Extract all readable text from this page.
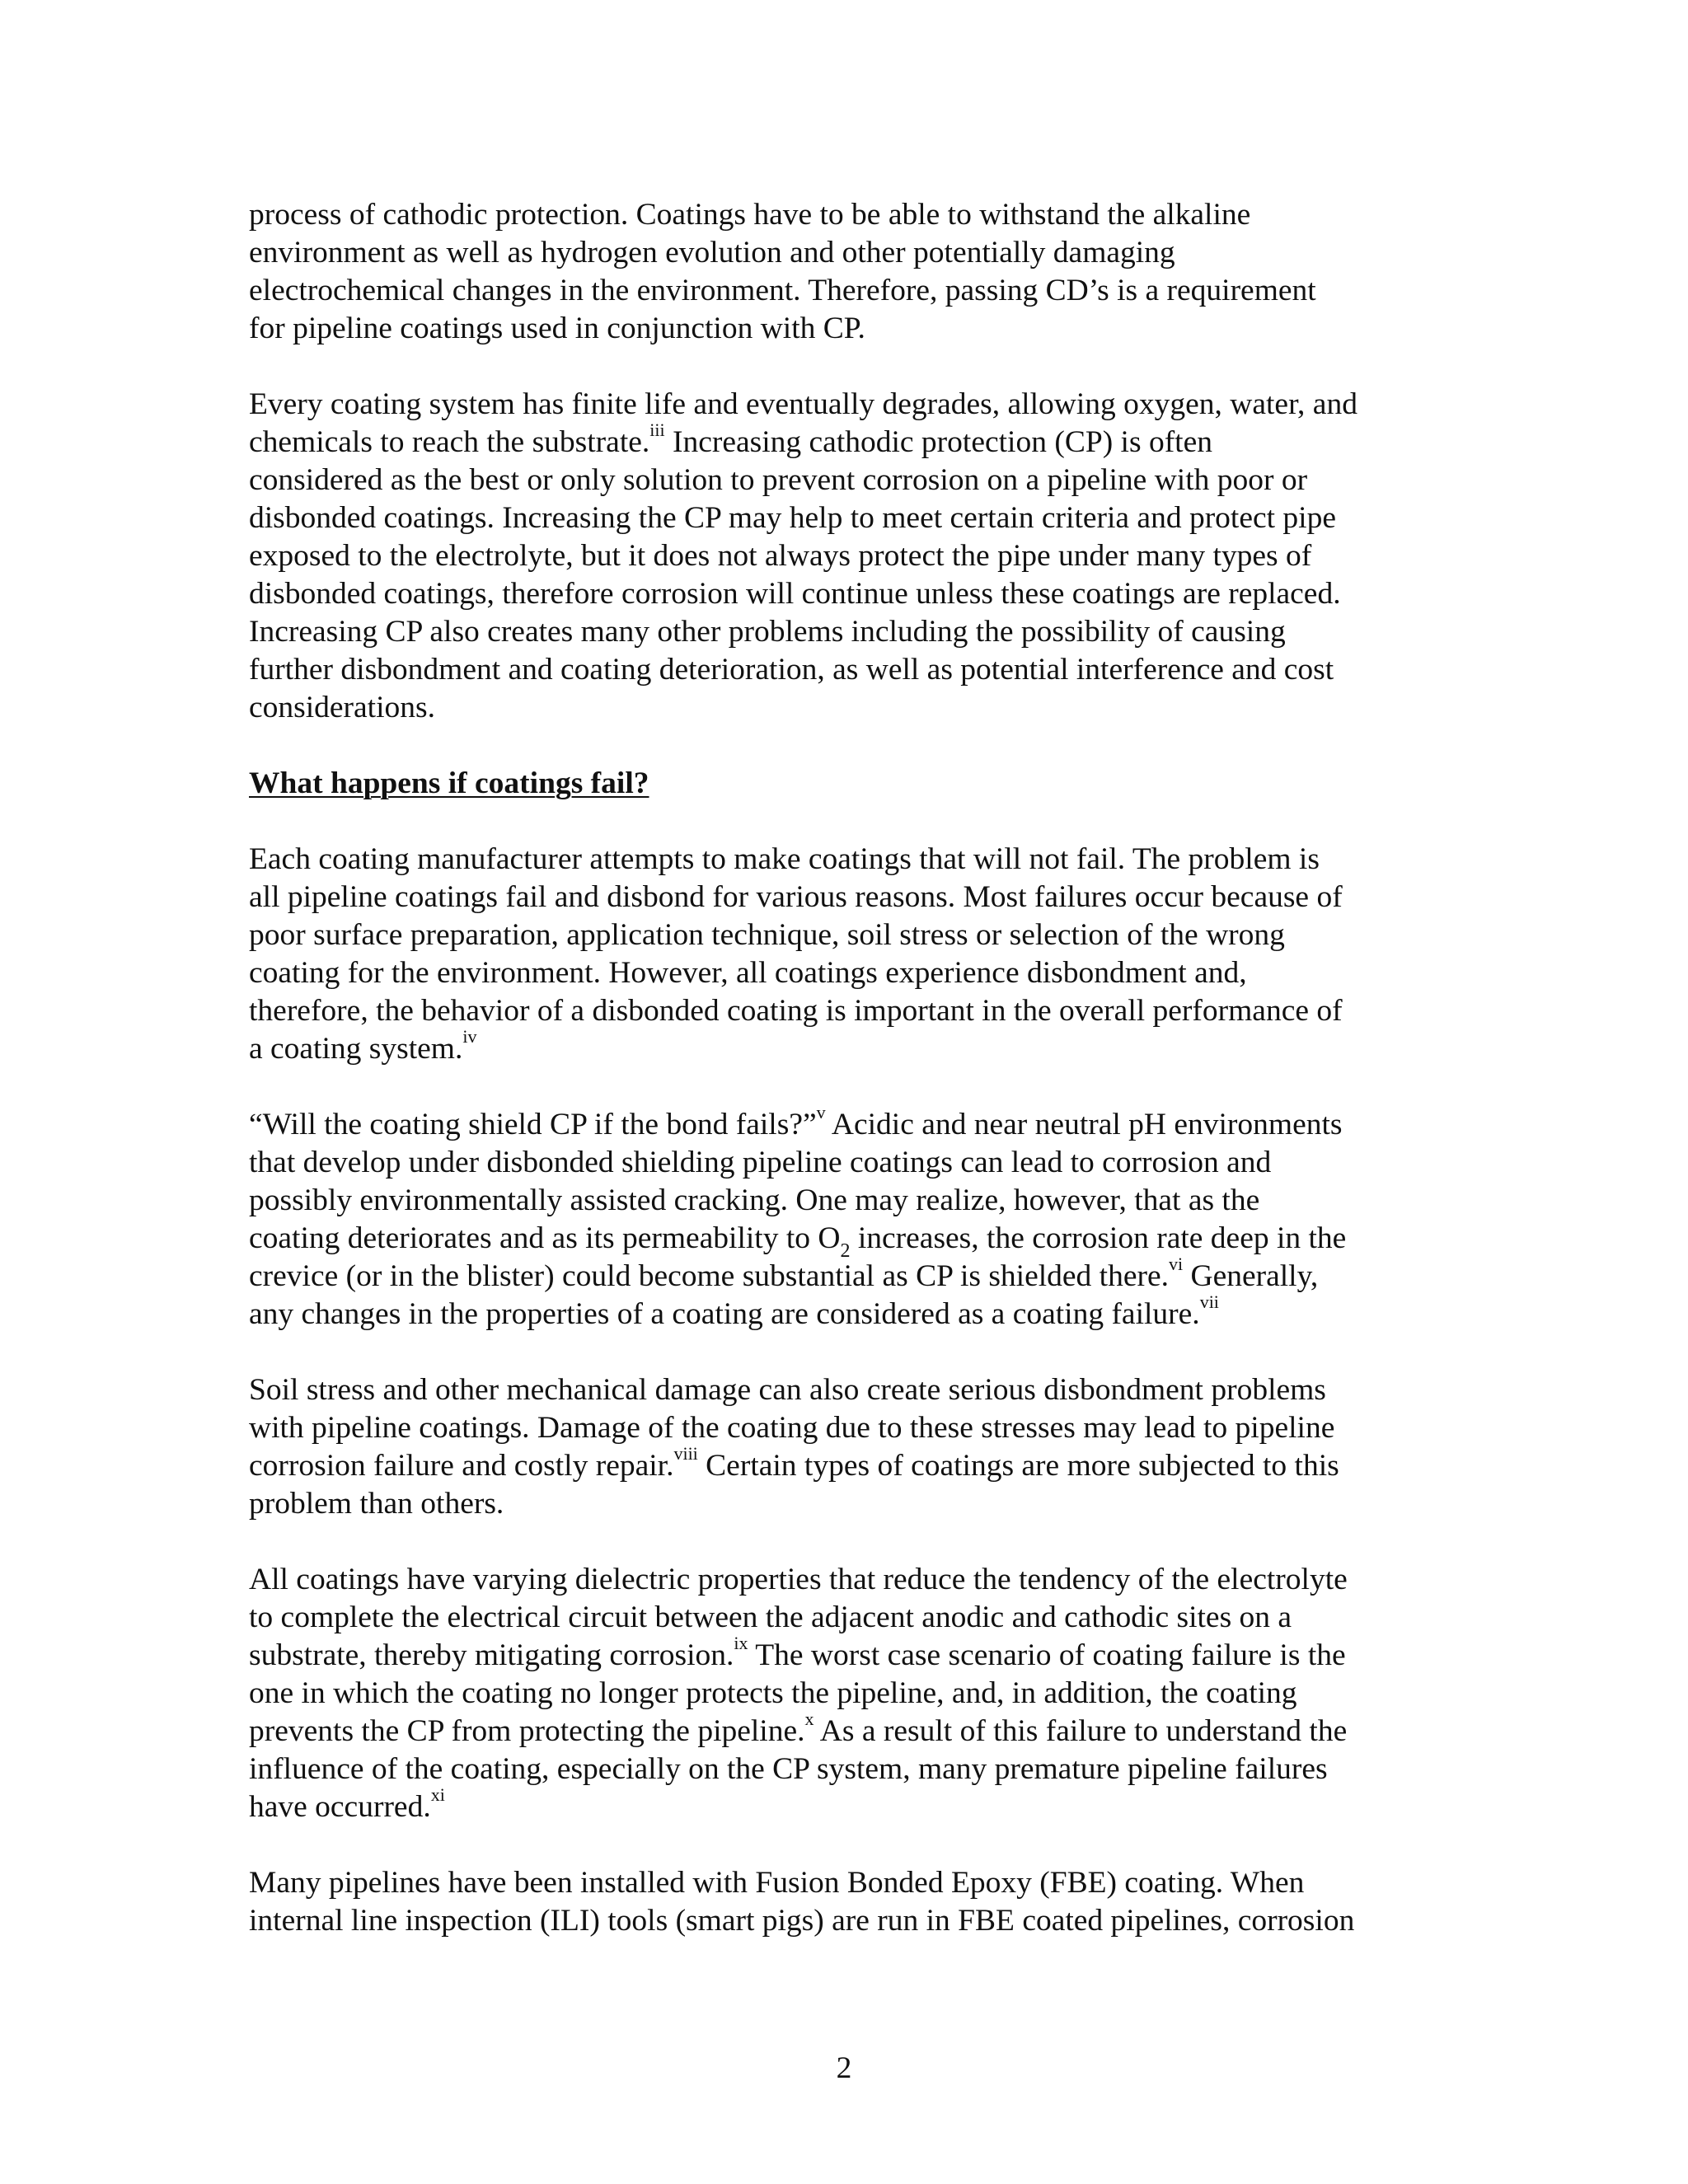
process of cathodic protection. Coatings have to be able to withstand the alkaline
environment as well as hydrogen evolution and other potentially damaging
electrochemical changes in the environment. Therefore, passing CD’s is a requirement
for pipeline coatings used in conjunction with CP.
Every coating system has finite life and eventually degrades, allowing oxygen, water, and
chemicals to reach the substrate.$^{iii}$ Increasing cathodic protection (CP) is often
considered as the best or only solution to prevent corrosion on a pipeline with poor or
disbonded coatings. Increasing the CP may help to meet certain criteria and protect pipe
exposed to the electrolyte, but it does not always protect the pipe under many types of
disbonded coatings, therefore corrosion will continue unless these coatings are replaced.
Increasing CP also creates many other problems including the possibility of causing
further disbondment and coating deterioration, as well as potential interference and cost
considerations.
What happens if coatings fail?
Each coating manufacturer attempts to make coatings that will not fail. The problem is
all pipeline coatings fail and disbond for various reasons. Most failures occur because of
poor surface preparation, application technique, soil stress or selection of the wrong
coating for the environment. However, all coatings experience disbondment and,
therefore, the behavior of a disbonded coating is important in the overall performance of
a coating system.$^{iv}$
“Will the coating shield CP if the bond fails?”$^v$ Acidic and near neutral pH environments
that develop under disbonded shielding pipeline coatings can lead to corrosion and
possibly environmentally assisted cracking. One may realize, however, that as the
coating deteriorates and as its permeability to $O_2$ increases, the corrosion rate deep in the
crevice (or in the blister) could become substantial as CP is shielded there.$^{vi}$ Generally,
any changes in the properties of a coating are considered as a coating failure.$^{vii}$
Soil stress and other mechanical damage can also create serious disbondment problems
with pipeline coatings. Damage of the coating due to these stresses may lead to pipeline
corrosion failure and costly repair.$^{viii}$ Certain types of coatings are more subjected to this
problem than others.
All coatings have varying dielectric properties that reduce the tendency of the electrolyte
to complete the electrical circuit between the adjacent anodic and cathodic sites on a
substrate, thereby mitigating corrosion.$^{ix}$ The worst case scenario of coating failure is the
one in which the coating no longer protects the pipeline, and, in addition, the coating
prevents the CP from protecting the pipeline.$^x$ As a result of this failure to understand the
influence of the coating, especially on the CP system, many premature pipeline failures
have occurred.$^{xi}$
Many pipelines have been installed with Fusion Bonded Epoxy (FBE) coating. When
internal line inspection (ILI) tools (smart pigs) are run in FBE coated pipelines, corrosion
2
